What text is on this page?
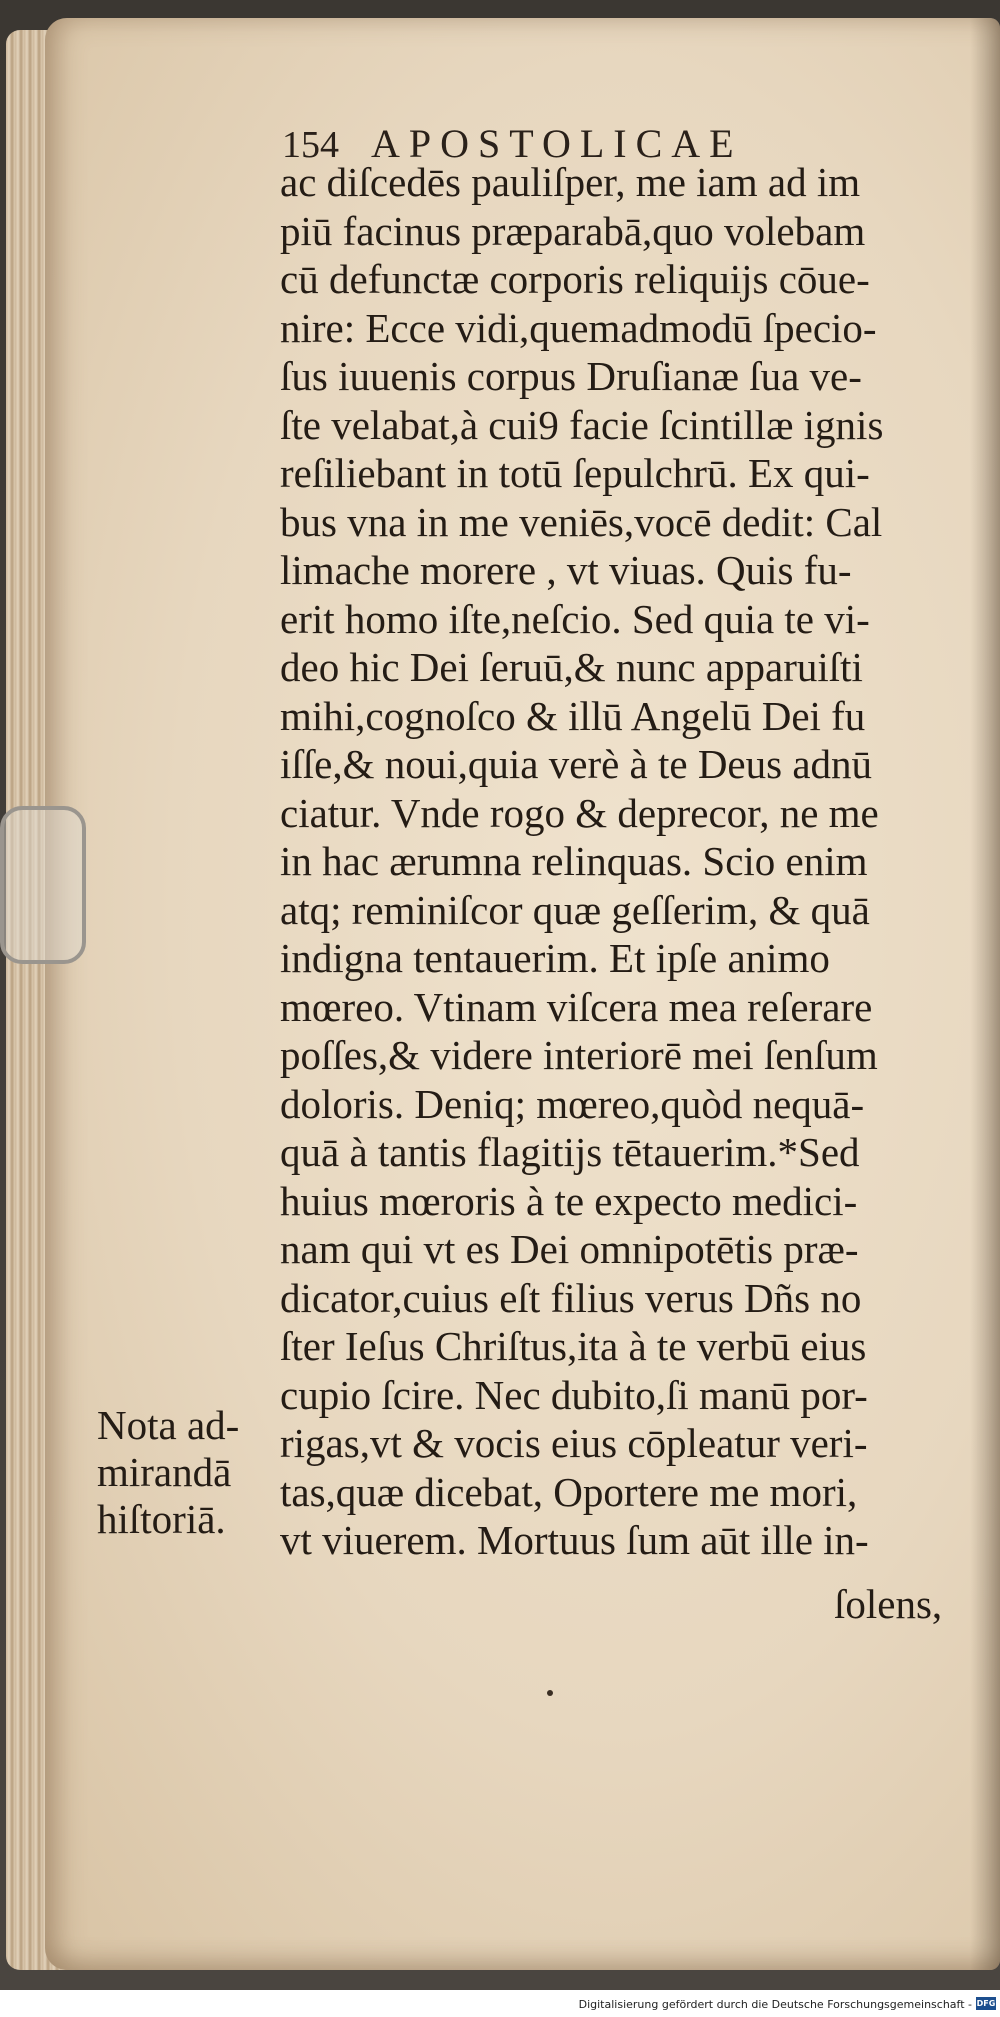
154 APOSTOLICAE
ac diſcedēs pauliſper, me iam ad im
piū facinus præparabā,quo volebam
cū defunctæ corporis reliquijs cōue-
nire: Ecce vidi,quemadmodū ſpecio-
ſus iuuenis corpus Druſianæ ſua ve-
ſte velabat,à cui9 facie ſcintillæ ignis
reſiliebant in totū ſepulchrū. Ex qui-
bus vna in me veniēs,vocē dedit: Cal
limache morere , vt viuas. Quis fu-
erit homo iſte,neſcio. Sed quia te vi-
deo hic Dei ſeruū,& nunc apparuiſti
mihi,cognoſco & illū Angelū Dei fu
iſſe,& noui,quia verè à te Deus adnū
ciatur. Vnde rogo & deprecor, ne me
in hac ærumna relinquas. Scio enim
atq; reminiſcor quæ geſſerim, & quā
indigna tentauerim. Et ipſe animo
mœreo. Vtinam viſcera mea reſerare
poſſes,& videre interiorē mei ſenſum
doloris. Deniq; mœreo,quòd nequā-
quā à tantis flagitijs tētauerim.*Sed
huius mœroris à te expecto medici-
nam qui vt es Dei omnipotētis præ-
dicator,cuius eſt filius verus Dñs no
ſter Ieſus Chriſtus,ita à te verbū eius
cupio ſcire. Nec dubito,ſi manū por-
rigas,vt & vocis eius cōpleatur veri-
tas,quæ dicebat, Oportere me mori,
vt viuerem. Mortuus ſum aūt ille in-
ſolens,
Nota ad-
mirandā
hiſtoriā.
Digitalisierung gefördert durch die Deutsche Forschungsgemeinschaft - DFG
